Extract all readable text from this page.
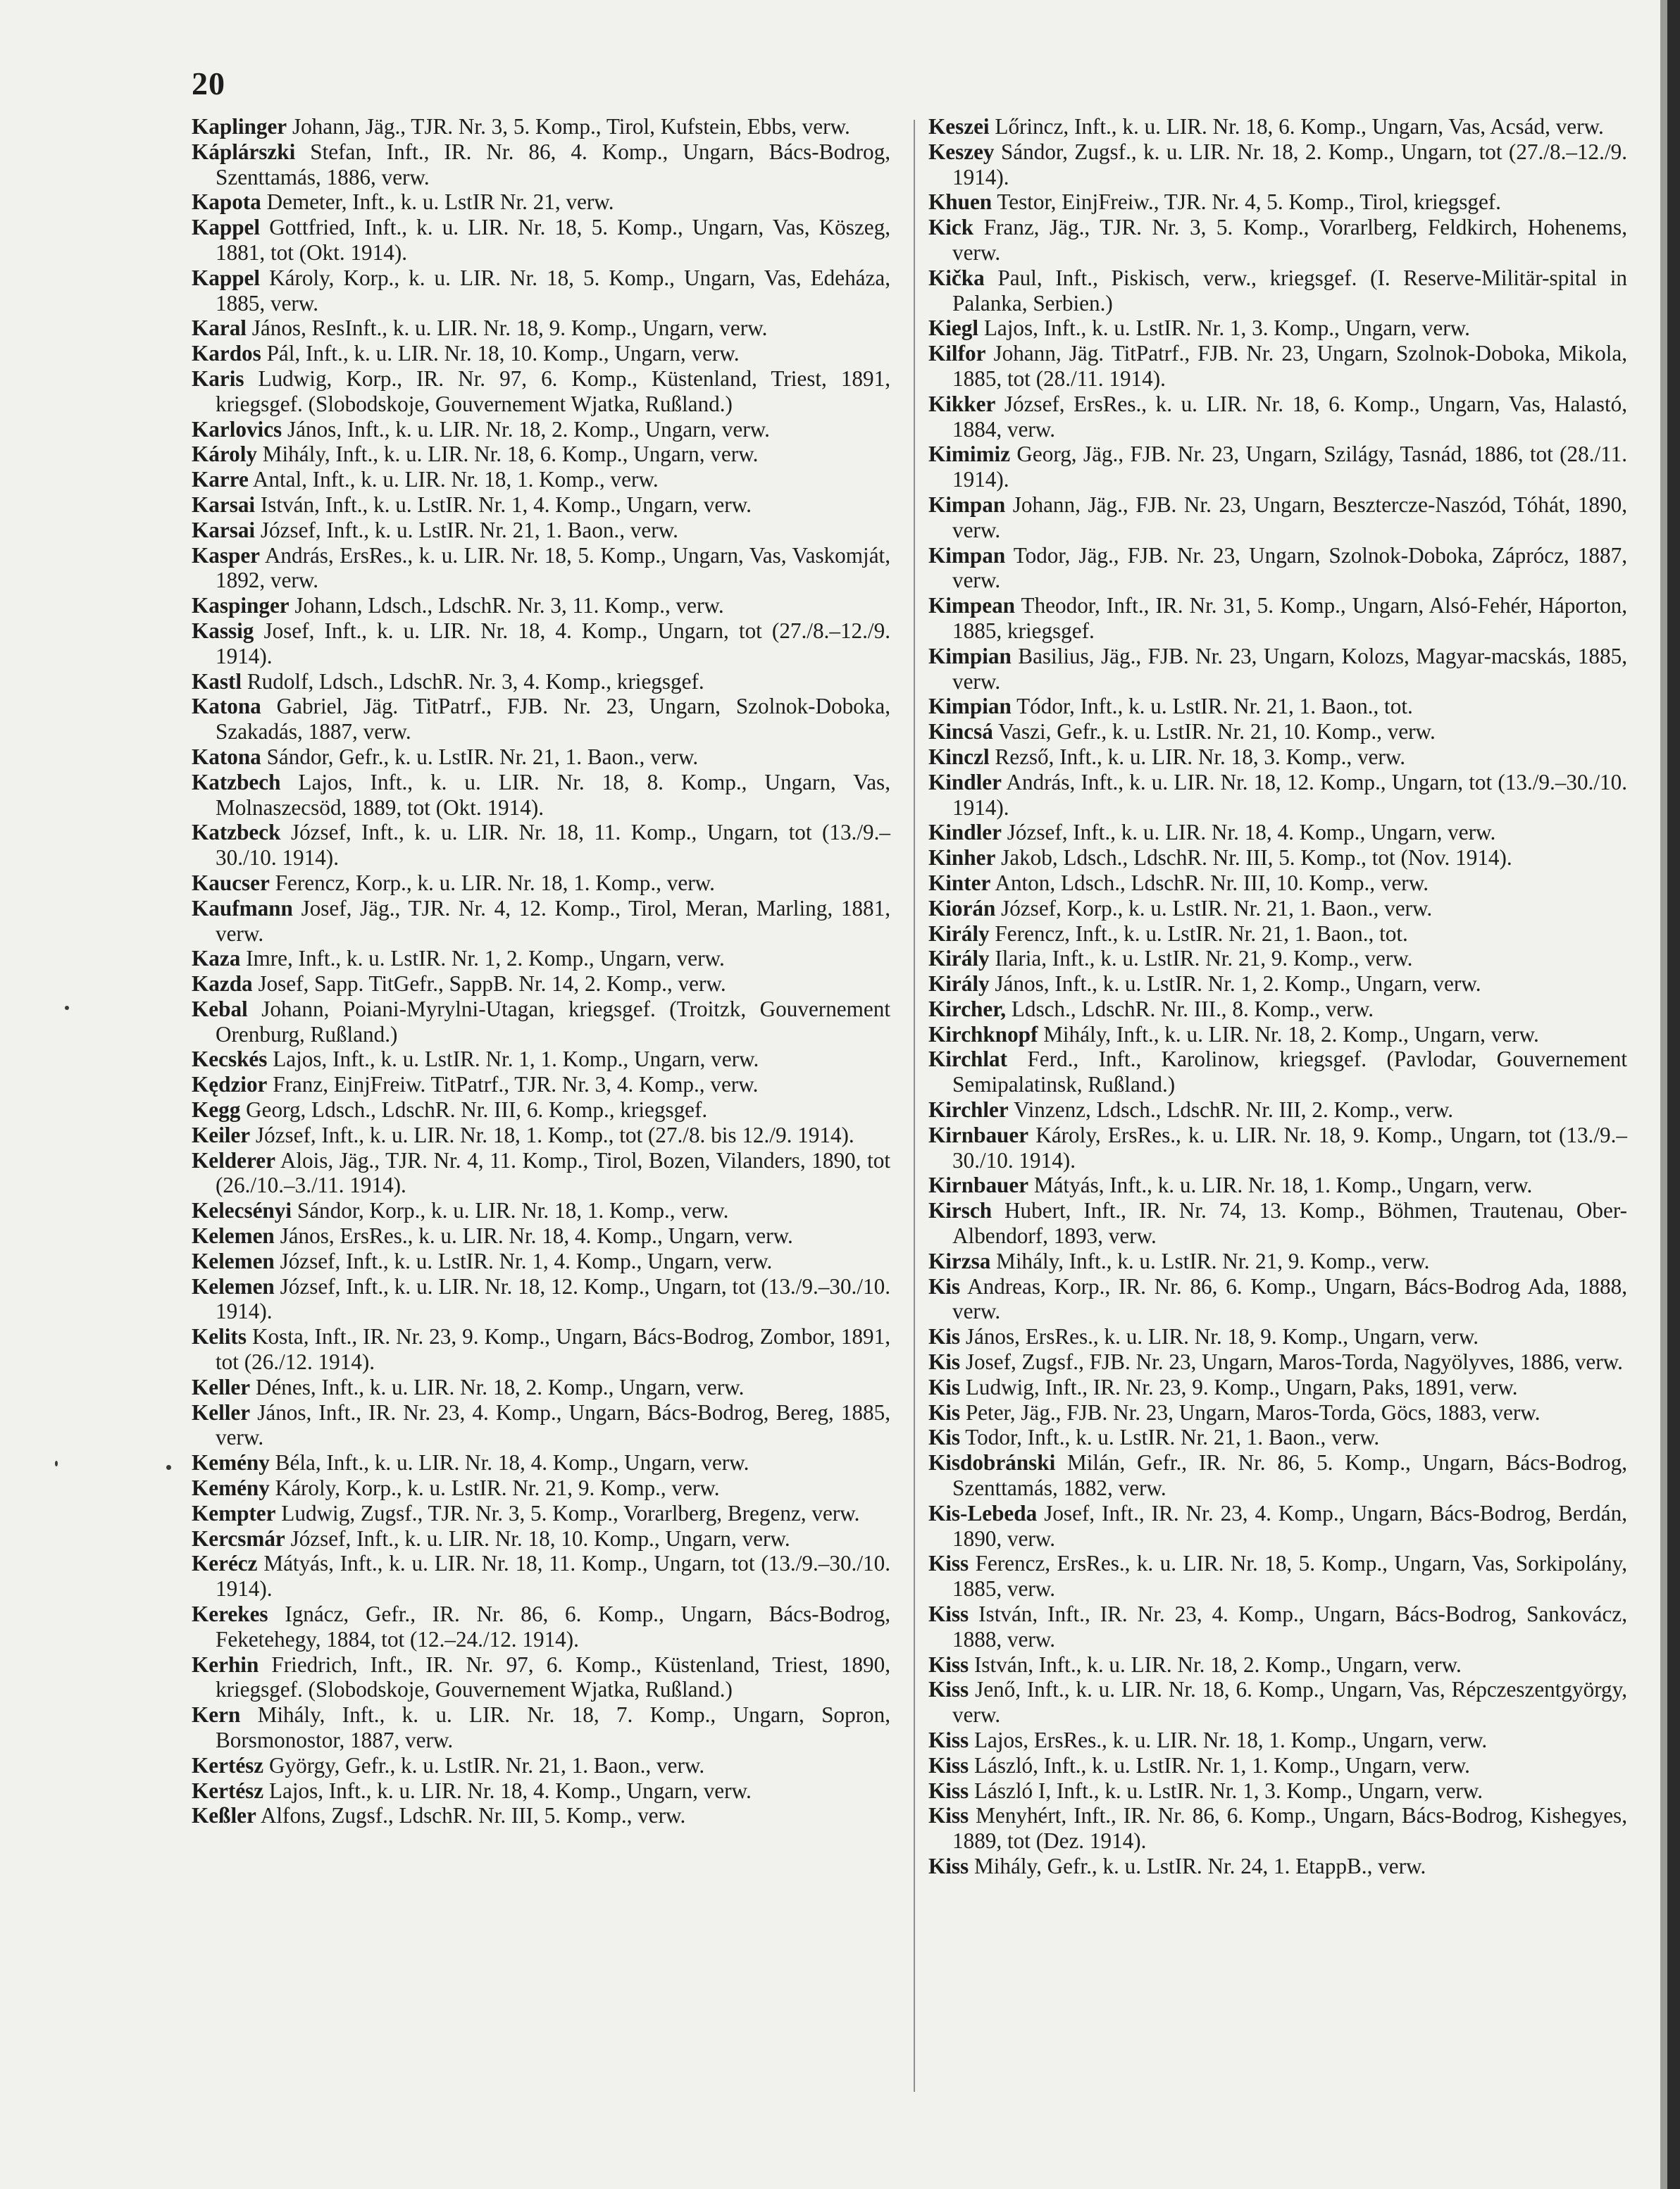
20

Kaplinger Johann, Jäg., TJR. Nr. 3, 5. Komp., Tirol, Kufstein, Ebbs, verw.

Káplárszki Stefan, Inft., IR. Nr. 86, 4. Komp., Ungarn, Bács-Bodrog, Szenttamás, 1886, verw.

Kapota Demeter, Inft., k. u. LstIR Nr. 21, verw.

Kappel Gottfried, Inft., k. u. LIR. Nr. 18, 5. Komp., Ungarn, Vas, Köszeg, 1881, tot (Okt. 1914).

Kappel Károly, Korp., k. u. LIR. Nr. 18, 5. Komp., Ungarn, Vas, Edeháza, 1885, verw.

Karal János, ResInft., k. u. LIR. Nr. 18, 9. Komp., Ungarn, verw.

Kardos Pál, Inft., k. u. LIR. Nr. 18, 10. Komp., Ungarn, verw.

Karis Ludwig, Korp., IR. Nr. 97, 6. Komp., Küstenland, Triest, 1891, kriegsgef. (Slobodskoje, Gouvernement Wjatka, Rußland.)

Karlovics János, Inft., k. u. LIR. Nr. 18, 2. Komp., Ungarn, verw.

Károly Mihály, Inft., k. u. LIR. Nr. 18, 6. Komp., Ungarn, verw.

Karre Antal, Inft., k. u. LIR. Nr. 18, 1. Komp., verw.

Karsai István, Inft., k. u. LstIR. Nr. 1, 4. Komp., Ungarn, verw.

Karsai József, Inft., k. u. LstIR. Nr. 21, 1. Baon., verw.

Kasper András, ErsRes., k. u. LIR. Nr. 18, 5. Komp., Ungarn, Vas, Vaskomját, 1892, verw.

Kaspinger Johann, Ldsch., LdschR. Nr. 3, 11. Komp., verw.

Kassig Josef, Inft., k. u. LIR. Nr. 18, 4. Komp., Ungarn, tot (27./8.–12./9. 1914).

Kastl Rudolf, Ldsch., LdschR. Nr. 3, 4. Komp., kriegsgef.

Katona Gabriel, Jäg. TitPatrf., FJB. Nr. 23, Ungarn, Szolnok-Doboka, Szakadás, 1887, verw.

Katona Sándor, Gefr., k. u. LstIR. Nr. 21, 1. Baon., verw.

Katzbech Lajos, Inft., k. u. LIR. Nr. 18, 8. Komp., Ungarn, Vas, Molnaszecsöd, 1889, tot (Okt. 1914).

Katzbeck József, Inft., k. u. LIR. Nr. 18, 11. Komp., Ungarn, tot (13./9.–30./10. 1914).

Kaucser Ferencz, Korp., k. u. LIR. Nr. 18, 1. Komp., verw.

Kaufmann Josef, Jäg., TJR. Nr. 4, 12. Komp., Tirol, Meran, Marling, 1881, verw.

Kaza Imre, Inft., k. u. LstIR. Nr. 1, 2. Komp., Ungarn, verw.

Kazda Josef, Sapp. TitGefr., SappB. Nr. 14, 2. Komp., verw.

Kebal Johann, Poiani-Myrylni-Utagan, kriegsgef. (Troitzk, Gouvernement Orenburg, Rußland.)

Kecskés Lajos, Inft., k. u. LstIR. Nr. 1, 1. Komp., Ungarn, verw.

Kędzior Franz, EinjFreiw. TitPatrf., TJR. Nr. 3, 4. Komp., verw.

Kegg Georg, Ldsch., LdschR. Nr. III, 6. Komp., kriegsgef.

Keiler József, Inft., k. u. LIR. Nr. 18, 1. Komp., tot (27./8. bis 12./9. 1914).

Kelderer Alois, Jäg., TJR. Nr. 4, 11. Komp., Tirol, Bozen, Vilanders, 1890, tot (26./10.–3./11. 1914).

Kelecsényi Sándor, Korp., k. u. LIR. Nr. 18, 1. Komp., verw.

Kelemen János, ErsRes., k. u. LIR. Nr. 18, 4. Komp., Ungarn, verw.

Kelemen József, Inft., k. u. LstIR. Nr. 1, 4. Komp., Ungarn, verw.

Kelemen József, Inft., k. u. LIR. Nr. 18, 12. Komp., Ungarn, tot (13./9.–30./10. 1914).

Kelits Kosta, Inft., IR. Nr. 23, 9. Komp., Ungarn, Bács-Bodrog, Zombor, 1891, tot (26./12. 1914).

Keller Dénes, Inft., k. u. LIR. Nr. 18, 2. Komp., Ungarn, verw.

Keller János, Inft., IR. Nr. 23, 4. Komp., Ungarn, Bács-Bodrog, Bereg, 1885, verw.

Kemény Béla, Inft., k. u. LIR. Nr. 18, 4. Komp., Ungarn, verw.

Kemény Károly, Korp., k. u. LstIR. Nr. 21, 9. Komp., verw.

Kempter Ludwig, Zugsf., TJR. Nr. 3, 5. Komp., Vorarlberg, Bregenz, verw.

Kercsmár József, Inft., k. u. LIR. Nr. 18, 10. Komp., Ungarn, verw.

Kerécz Mátyás, Inft., k. u. LIR. Nr. 18, 11. Komp., Ungarn, tot (13./9.–30./10. 1914).

Kerekes Ignácz, Gefr., IR. Nr. 86, 6. Komp., Ungarn, Bács-Bodrog, Feketehegy, 1884, tot (12.–24./12. 1914).

Kerhin Friedrich, Inft., IR. Nr. 97, 6. Komp., Küstenland, Triest, 1890, kriegsgef. (Slobodskoje, Gouvernement Wjatka, Rußland.)

Kern Mihály, Inft., k. u. LIR. Nr. 18, 7. Komp., Ungarn, Sopron, Borsmonostor, 1887, verw.

Kertész György, Gefr., k. u. LstIR. Nr. 21, 1. Baon., verw.

Kertész Lajos, Inft., k. u. LIR. Nr. 18, 4. Komp., Ungarn, verw.

Keßler Alfons, Zugsf., LdschR. Nr. III, 5. Komp., verw.

Keszei Lőrincz, Inft., k. u. LIR. Nr. 18, 6. Komp., Ungarn, Vas, Acsád, verw.

Keszey Sándor, Zugsf., k. u. LIR. Nr. 18, 2. Komp., Ungarn, tot (27./8.–12./9. 1914).

Khuen Testor, EinjFreiw., TJR. Nr. 4, 5. Komp., Tirol, kriegsgef.

Kick Franz, Jäg., TJR. Nr. 3, 5. Komp., Vorarlberg, Feldkirch, Hohenems, verw.

Kička Paul, Inft., Piskisch, verw., kriegsgef. (I. Reserve-Militär-spital in Palanka, Serbien.)

Kiegl Lajos, Inft., k. u. LstIR. Nr. 1, 3. Komp., Ungarn, verw.

Kilfor Johann, Jäg. TitPatrf., FJB. Nr. 23, Ungarn, Szolnok-Doboka, Mikola, 1885, tot (28./11. 1914).

Kikker József, ErsRes., k. u. LIR. Nr. 18, 6. Komp., Ungarn, Vas, Halastó, 1884, verw.

Kimimiz Georg, Jäg., FJB. Nr. 23, Ungarn, Szilágy, Tasnád, 1886, tot (28./11. 1914).

Kimpan Johann, Jäg., FJB. Nr. 23, Ungarn, Besztercze-Naszód, Tóhát, 1890, verw.

Kimpan Todor, Jäg., FJB. Nr. 23, Ungarn, Szolnok-Doboka, Záprócz, 1887, verw.

Kimpean Theodor, Inft., IR. Nr. 31, 5. Komp., Ungarn, Alsó-Fehér, Háporton, 1885, kriegsgef.

Kimpian Basilius, Jäg., FJB. Nr. 23, Ungarn, Kolozs, Magyar-macskás, 1885, verw.

Kimpian Tódor, Inft., k. u. LstIR. Nr. 21, 1. Baon., tot.

Kincsá Vaszi, Gefr., k. u. LstIR. Nr. 21, 10. Komp., verw.

Kinczl Rezső, Inft., k. u. LIR. Nr. 18, 3. Komp., verw.

Kindler András, Inft., k. u. LIR. Nr. 18, 12. Komp., Ungarn, tot (13./9.–30./10. 1914).

Kindler József, Inft., k. u. LIR. Nr. 18, 4. Komp., Ungarn, verw.

Kinher Jakob, Ldsch., LdschR. Nr. III, 5. Komp., tot (Nov. 1914).

Kinter Anton, Ldsch., LdschR. Nr. III, 10. Komp., verw.

Kiorán József, Korp., k. u. LstIR. Nr. 21, 1. Baon., verw.

Király Ferencz, Inft., k. u. LstIR. Nr. 21, 1. Baon., tot.

Király Ilaria, Inft., k. u. LstIR. Nr. 21, 9. Komp., verw.

Király János, Inft., k. u. LstIR. Nr. 1, 2. Komp., Ungarn, verw.

Kircher, Ldsch., LdschR. Nr. III., 8. Komp., verw.

Kirchknopf Mihály, Inft., k. u. LIR. Nr. 18, 2. Komp., Ungarn, verw.

Kirchlat Ferd., Inft., Karolinow, kriegsgef. (Pavlodar, Gouvernement Semipalatinsk, Rußland.)

Kirchler Vinzenz, Ldsch., LdschR. Nr. III, 2. Komp., verw.

Kirnbauer Károly, ErsRes., k. u. LIR. Nr. 18, 9. Komp., Ungarn, tot (13./9.–30./10. 1914).

Kirnbauer Mátyás, Inft., k. u. LIR. Nr. 18, 1. Komp., Ungarn, verw.

Kirsch Hubert, Inft., IR. Nr. 74, 13. Komp., Böhmen, Trautenau, Ober-Albendorf, 1893, verw.

Kirzsa Mihály, Inft., k. u. LstIR. Nr. 21, 9. Komp., verw.

Kis Andreas, Korp., IR. Nr. 86, 6. Komp., Ungarn, Bács-Bodrog Ada, 1888, verw.

Kis János, ErsRes., k. u. LIR. Nr. 18, 9. Komp., Ungarn, verw.

Kis Josef, Zugsf., FJB. Nr. 23, Ungarn, Maros-Torda, Nagyölyves, 1886, verw.

Kis Ludwig, Inft., IR. Nr. 23, 9. Komp., Ungarn, Paks, 1891, verw.

Kis Peter, Jäg., FJB. Nr. 23, Ungarn, Maros-Torda, Göcs, 1883, verw.

Kis Todor, Inft., k. u. LstIR. Nr. 21, 1. Baon., verw.

Kisdobránski Milán, Gefr., IR. Nr. 86, 5. Komp., Ungarn, Bács-Bodrog, Szenttamás, 1882, verw.

Kis-Lebeda Josef, Inft., IR. Nr. 23, 4. Komp., Ungarn, Bács-Bodrog, Berdán, 1890, verw.

Kiss Ferencz, ErsRes., k. u. LIR. Nr. 18, 5. Komp., Ungarn, Vas, Sorkipolány, 1885, verw.

Kiss István, Inft., IR. Nr. 23, 4. Komp., Ungarn, Bács-Bodrog, Sankovácz, 1888, verw.

Kiss István, Inft., k. u. LIR. Nr. 18, 2. Komp., Ungarn, verw.

Kiss Jenő, Inft., k. u. LIR. Nr. 18, 6. Komp., Ungarn, Vas, Répczeszentgyörgy, verw.

Kiss Lajos, ErsRes., k. u. LIR. Nr. 18, 1. Komp., Ungarn, verw.

Kiss László, Inft., k. u. LstIR. Nr. 1, 1. Komp., Ungarn, verw.

Kiss László I, Inft., k. u. LstIR. Nr. 1, 3. Komp., Ungarn, verw.

Kiss Menyhért, Inft., IR. Nr. 86, 6. Komp., Ungarn, Bács-Bodrog, Kishegyes, 1889, tot (Dez. 1914).

Kiss Mihály, Gefr., k. u. LstIR. Nr. 24, 1. EtappB., verw.
